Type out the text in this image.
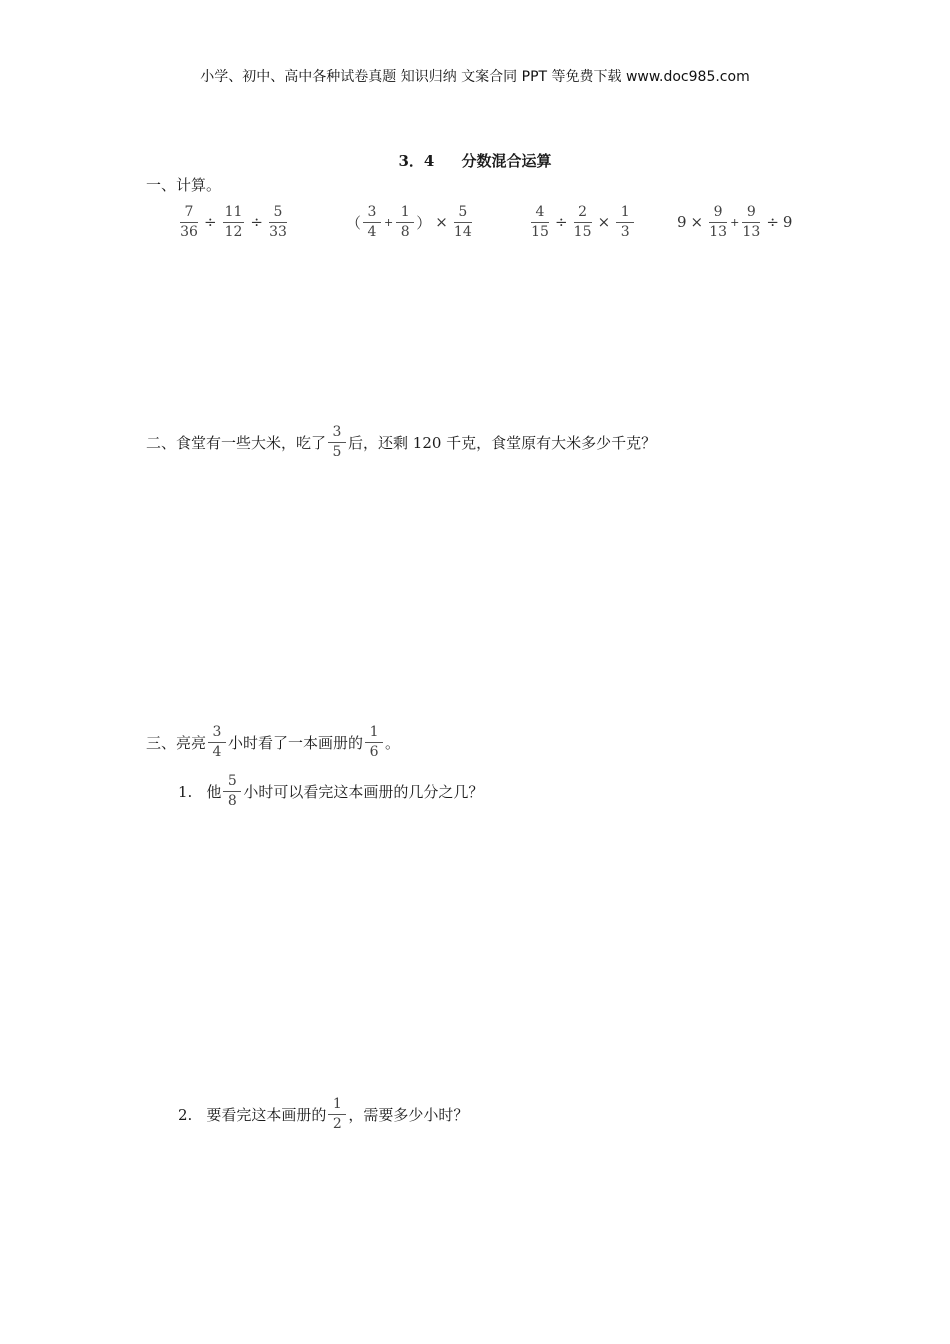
小学、初中、高中各种试卷真题 知识归纳 文案合同 PPT 等免费下载 www.doc985.com
3．4 分数混合运算
一、计算。
$\frac{7}{36} \div \frac{11}{12} \div \frac{5}{33}$	（ $\frac{3}{4} + \frac{1}{8}$ ） × $\frac{5}{14}$	$\frac{4}{15} \div \frac{2}{15} \times \frac{1}{3}$	$9 \times \frac{9}{13} + \frac{9}{13} \div 9$
二、食堂有一些大米，吃了 $\frac{3}{5}$ 后，还剩 120 千克，食堂原有大米多少千克？
三、亮亮 $\frac{3}{4}$ 小时看了一本画册的 $\frac{1}{6}$ 。
1. 他 $\frac{5}{8}$ 小时可以看完这本画册的几分之几？
2. 要看完这本画册的 $\frac{1}{2}$ ，需要多少小时？
